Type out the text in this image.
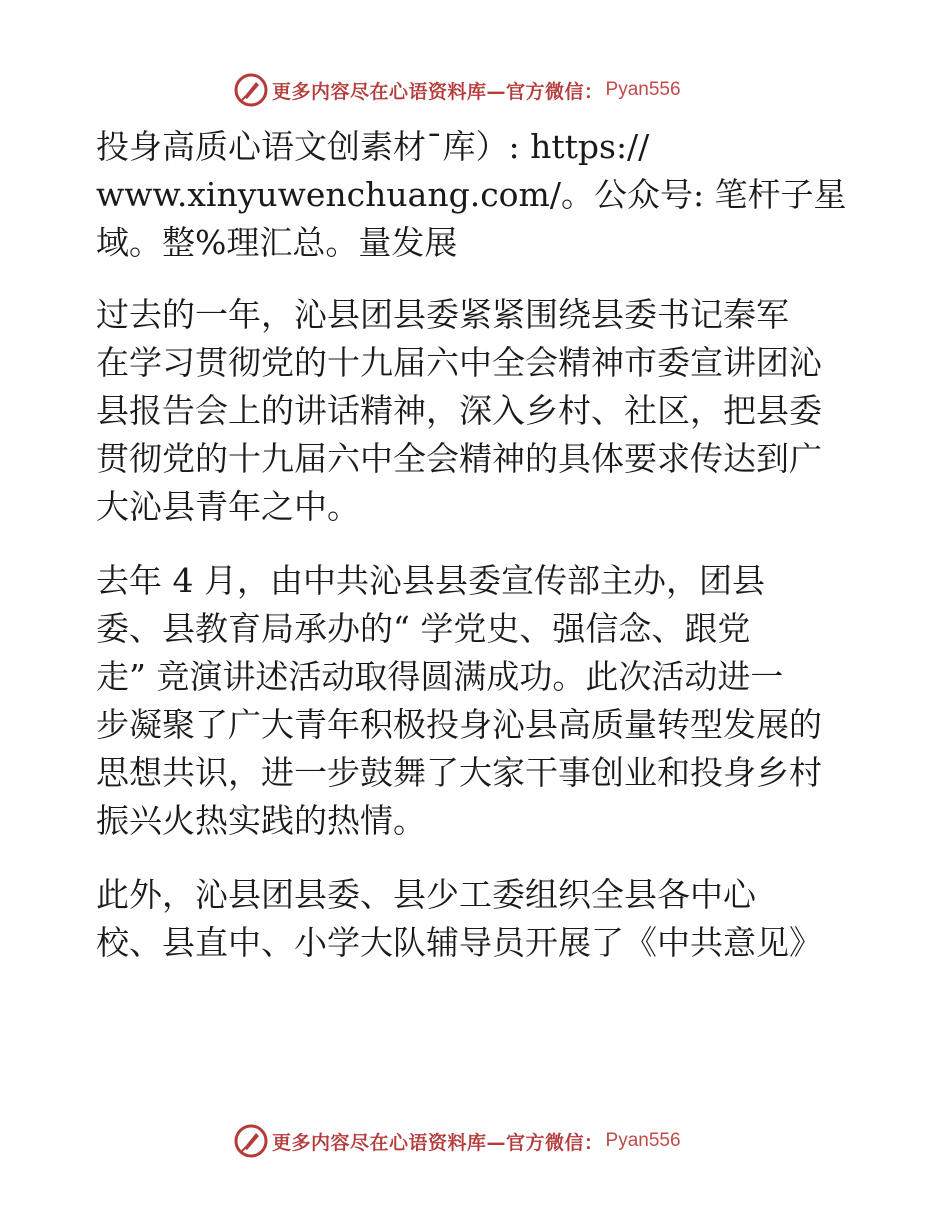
更多内容尽在心语资料库—官方微信： Pyan556

投身高质心语文创素材¯库）: https://
www.xinyuwenchuang.com/。公众号: 笔杆子星
域。整%理汇总。量发展

过去的一年，沁县团县委紧紧围绕县委书记秦军
在学习贯彻党的十九届六中全会精神市委宣讲团沁
县报告会上的讲话精神，深入乡村、社区，把县委
贯彻党的十九届六中全会精神的具体要求传达到广
大沁县青年之中。

去年 4 月，由中共沁县县委宣传部主办，团县
委、县教育局承办的“ 学党史、强信念、跟党
走” 竞演讲述活动取得圆满成功。此次活动进一
步凝聚了广大青年积极投身沁县高质量转型发展的
思想共识，进一步鼓舞了大家干事创业和投身乡村
振兴火热实践的热情。

此外，沁县团县委、县少工委组织全县各中心
校、县直中、小学大队辅导员开展了《中共意见》

更多内容尽在心语资料库—官方微信： Pyan556
